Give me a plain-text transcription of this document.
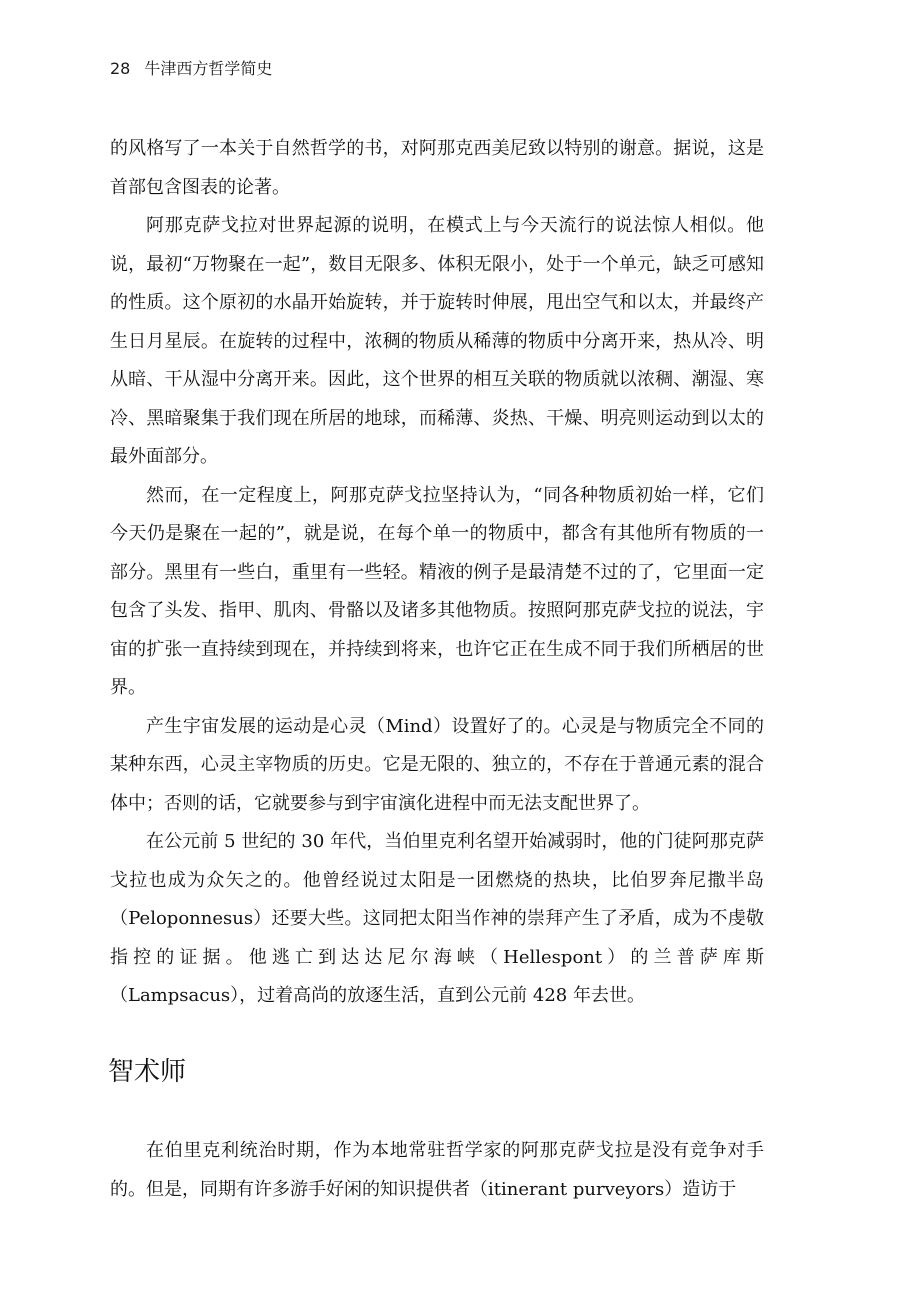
28 牛津西方哲学简史

的风格写了一本关于自然哲学的书，对阿那克西美尼致以特别的谢意。据说，这是首部包含图表的论著。

阿那克萨戈拉对世界起源的说明，在模式上与今天流行的说法惊人相似。他说，最初“万物聚在一起”，数目无限多、体积无限小，处于一个单元，缺乏可感知的性质。这个原初的水晶开始旋转，并于旋转时伸展，甩出空气和以太，并最终产生日月星辰。在旋转的过程中，浓稠的物质从稀薄的物质中分离开来，热从冷、明从暗、干从湿中分离开来。因此，这个世界的相互关联的物质就以浓稠、潮湿、寒冷、黑暗聚集于我们现在所居的地球，而稀薄、炎热、干燥、明亮则运动到以太的最外面部分。

然而，在一定程度上，阿那克萨戈拉坚持认为，“同各种物质初始一样，它们今天仍是聚在一起的”，就是说，在每个单一的物质中，都含有其他所有物质的一部分。黑里有一些白，重里有一些轻。精液的例子是最清楚不过的了，它里面一定包含了头发、指甲、肌肉、骨骼以及诸多其他物质。按照阿那克萨戈拉的说法，宇宙的扩张一直持续到现在，并持续到将来，也许它正在生成不同于我们所栖居的世界。

产生宇宙发展的运动是心灵（Mind）设置好了的。心灵是与物质完全不同的某种东西，心灵主宰物质的历史。它是无限的、独立的，不存在于普通元素的混合体中；否则的话，它就要参与到宇宙演化进程中而无法支配世界了。

在公元前 5 世纪的 30 年代，当伯里克利名望开始减弱时，他的门徒阿那克萨戈拉也成为众矢之的。他曾经说过太阳是一团燃烧的热块，比伯罗奔尼撒半岛（Peloponnesus）还要大些。这同把太阳当作神的崇拜产生了矛盾，成为不虔敬指控的证据。他逃亡到达达尼尔海峡（Hellespont）的兰普萨库斯（Lampsacus），过着高尚的放逐生活，直到公元前 428 年去世。

智术师

在伯里克利统治时期，作为本地常驻哲学家的阿那克萨戈拉是没有竞争对手的。但是，同期有许多游手好闲的知识提供者（itinerant purveyors）造访于
